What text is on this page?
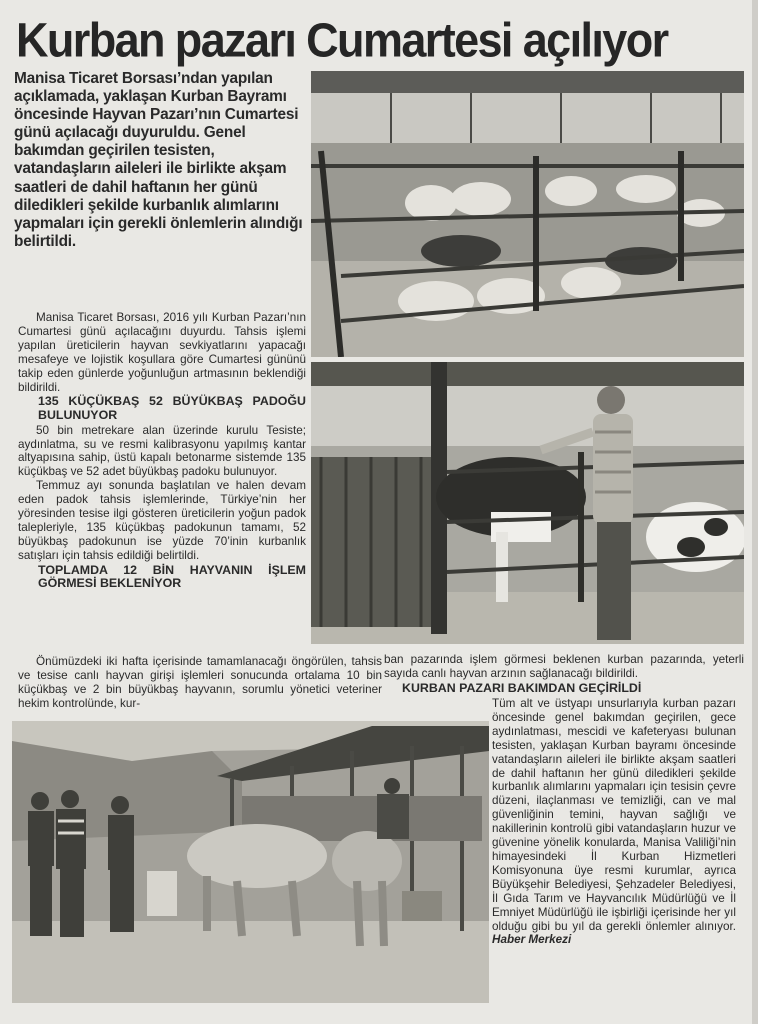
Kurban pazarı Cumartesi açılıyor
Manisa Ticaret Borsası’ndan yapılan açıklamada, yaklaşan Kurban Bayramı öncesinde Hayvan Pazarı’nın Cumartesi günü açılacağı duyuruldu. Genel bakımdan geçirilen tesisten, vatandaşların aileleri ile birlikte akşam saatleri de dahil haftanın her günü diledikleri şekilde kurbanlık alımlarını yapmaları için gerekli önlemlerin alındığı belirtildi.

Manisa Ticaret Borsası, 2016 yılı Kurban Pazarı’nın Cumartesi günü açılacağını duyurdu. Tahsis işlemi yapılan üreticilerin hayvan sevkiyatlarını yapacağı mesafeye ve lojistik koşullara göre Cumartesi gününü takip eden günlerde yoğunluğun artmasının beklendiği bildirildi.

135 KÜÇÜKBAŞ 52 BÜYÜKBAŞ PADOĞU BULUNUYOR

50 bin metrekare alan üzerinde kurulu Tesiste; aydınlatma, su ve resmi kalibrasyonu yapılmış kantar altyapısına sahip, üstü kapalı betonarme sistemde 135 küçükbaş ve 52 adet büyükbaş padoku bulunuyor.

Temmuz ayı sonunda başlatılan ve halen devam eden padok tahsis işlemlerinde, Türkiye’nin her yöresinden tesise ilgi gösteren üreticilerin yoğun padok talepleriyle, 135 küçükbaş padokunun tamamı, 52 büyükbaş padokunun ise yüzde 70’inin kurbanlık satışları için tahsis edildiği belirtildi.

TOPLAMDA 12 BİN HAYVANIN İŞLEM GÖRMESİ BEKLENİYOR

Önümüzdeki iki hafta içerisinde tamamlanacağı öngörülen, tahsis ve tesise canlı hayvan girişi işlemleri sonucunda ortalama 10 bin küçükbaş ve 2 bin büyükbaş hayvanın, sorumlu yönetici veteriner hekim kontrolünde, kur-

ban pazarında işlem görmesi beklenen kurban pazarında, yeterli sayıda canlı hayvan arzının sağlanacağı bildirildi.

KURBAN PAZARI BAKIMDAN GEÇİRİLDİ

Tüm alt ve üstyapı unsurlarıyla kurban pazarı öncesinde genel bakımdan geçirilen, gece aydınlatması, mescidi ve kafeteryası bulunan tesisten, yaklaşan Kurban bayramı öncesinde vatandaşların aileleri ile birlikte akşam saatleri de dahil haftanın her günü diledikleri şekilde kurbanlık alımlarını yapmaları için tesisin çevre düzeni, ilaçlanması ve temizliği, can ve mal güvenliğinin temini, hayvan sağlığı ve nakillerinin kontrolü gibi vatandaşların huzur ve güvenine yönelik konularda, Manisa Valiliği’nin himayesindeki İl Kurban Hizmetleri Komisyonuna üye resmi kurumlar, ayrıca Büyükşehir Belediyesi, Şehzadeler Belediyesi, İl Gıda Tarım ve Hayvancılık Müdürlüğü ve İl Emniyet Müdürlüğü ile işbirliği içerisinde her yıl olduğu gibi bu yıl da gerekli önlemler alınıyor. Haber Merkezi
